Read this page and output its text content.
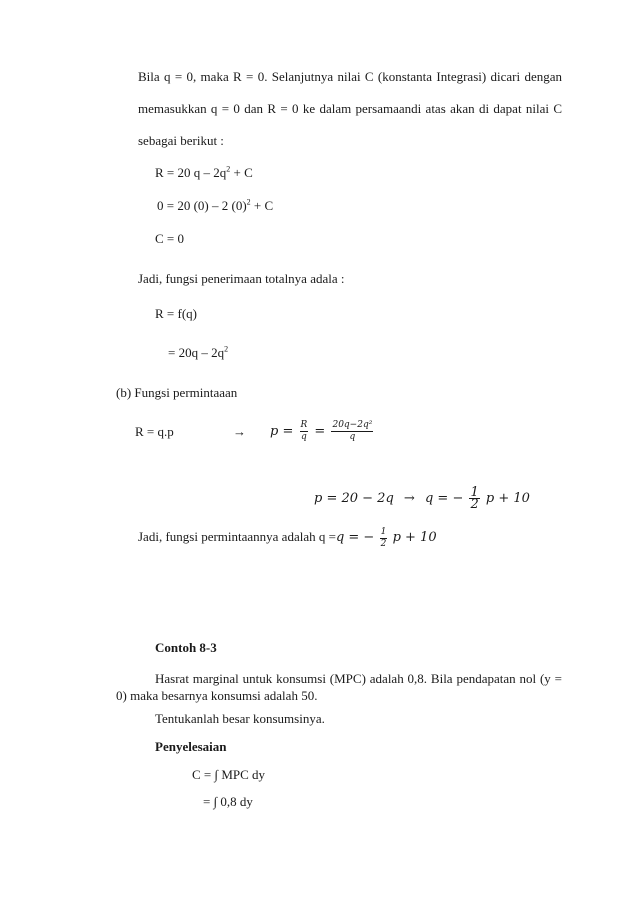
Bila q = 0, maka R = 0. Selanjutnya nilai C (konstanta Integrasi) dicari dengan
memasukkan q = 0 dan R = 0 ke dalam persamaandi atas akan di dapat nilai C
sebagai berikut :
R = 20 $q - 2q^2 + C$
0 = 20 (0) – 2 $(0)^2 + C$
C = 0
Jadi, fungsi penerimaan totalnya adala :
R = f(q)
= $20q - 2q^2$
(b) Fungsi permintaaan
R = q.p	→ $p = \frac{R}{q} = \frac{\text{20q−2q²}}{q}$
p = 20 − 2q → q = − $\frac{1}{2}$ p + 10
Jadi, fungsi permintaannya adalah q =q = − $\frac{1}{2}$ p + 10
Contoh 8-3
Hasrat marginal untuk konsumsi (MPC) adalah 0,8. Bila pendapatan nol (y =
0) maka besarnya konsumsi adalah 50.
Tentukanlah besar konsumsinya.
Penyelesaian
C = ∫ MPC dy
= ∫ 0,8 dy
